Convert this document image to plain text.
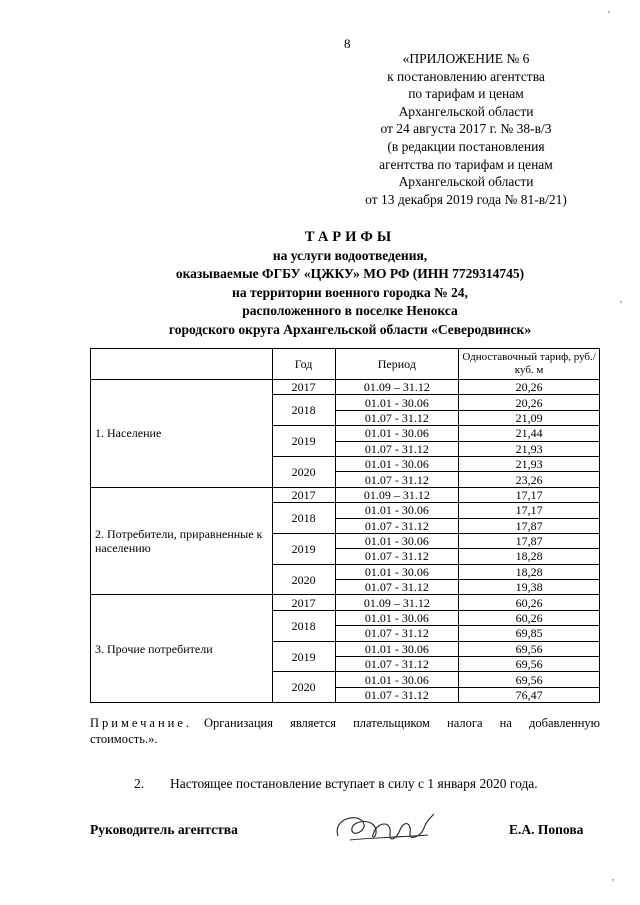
8
«ПРИЛОЖЕНИЕ № 6
к постановлению агентства
по тарифам и ценам
Архангельской области
от 24 августа 2017 г. № 38-в/3
(в редакции постановления
агентства по тарифам и ценам
Архангельской области
от 13 декабря 2019 года № 81-в/21)
ТАРИФЫ
на услуги водоотведения,
оказываемые ФГБУ «ЦЖКУ» МО РФ (ИНН 7729314745)
на территории военного городка № 24,
расположенного в поселке Ненокса
городского округа Архангельской области «Северодвинск»
	Год	Период	Одноставочный тариф, руб./куб. м
1. Население	2017	01.09 – 31.12	20,26
	2018	01.01 - 30.06	20,26
		01.07 - 31.12	21,09
	2019	01.01 - 30.06	21,44
		01.07 - 31.12	21,93
	2020	01.01 - 30.06	21,93
		01.07 - 31.12	23,26
2. Потребители, приравненные к населению	2017	01.09 – 31.12	17,17
	2018	01.01 - 30.06	17,17
		01.07 - 31.12	17,87
	2019	01.01 - 30.06	17,87
		01.07 - 31.12	18,28
	2020	01.01 - 30.06	18,28
		01.07 - 31.12	19,38
3. Прочие потребители	2017	01.09 – 31.12	60,26
	2018	01.01 - 30.06	60,26
		01.07 - 31.12	69,85
	2019	01.01 - 30.06	69,56
		01.07 - 31.12	69,56
	2020	01.01 - 30.06	69,56
		01.07 - 31.12	76,47
Примечание. Организация является плательщиком налога на добавленную стоимость.».
2. Настоящее постановление вступает в силу с 1 января 2020 года.
Руководитель агентства	Е.А. Попова
'
'
'
